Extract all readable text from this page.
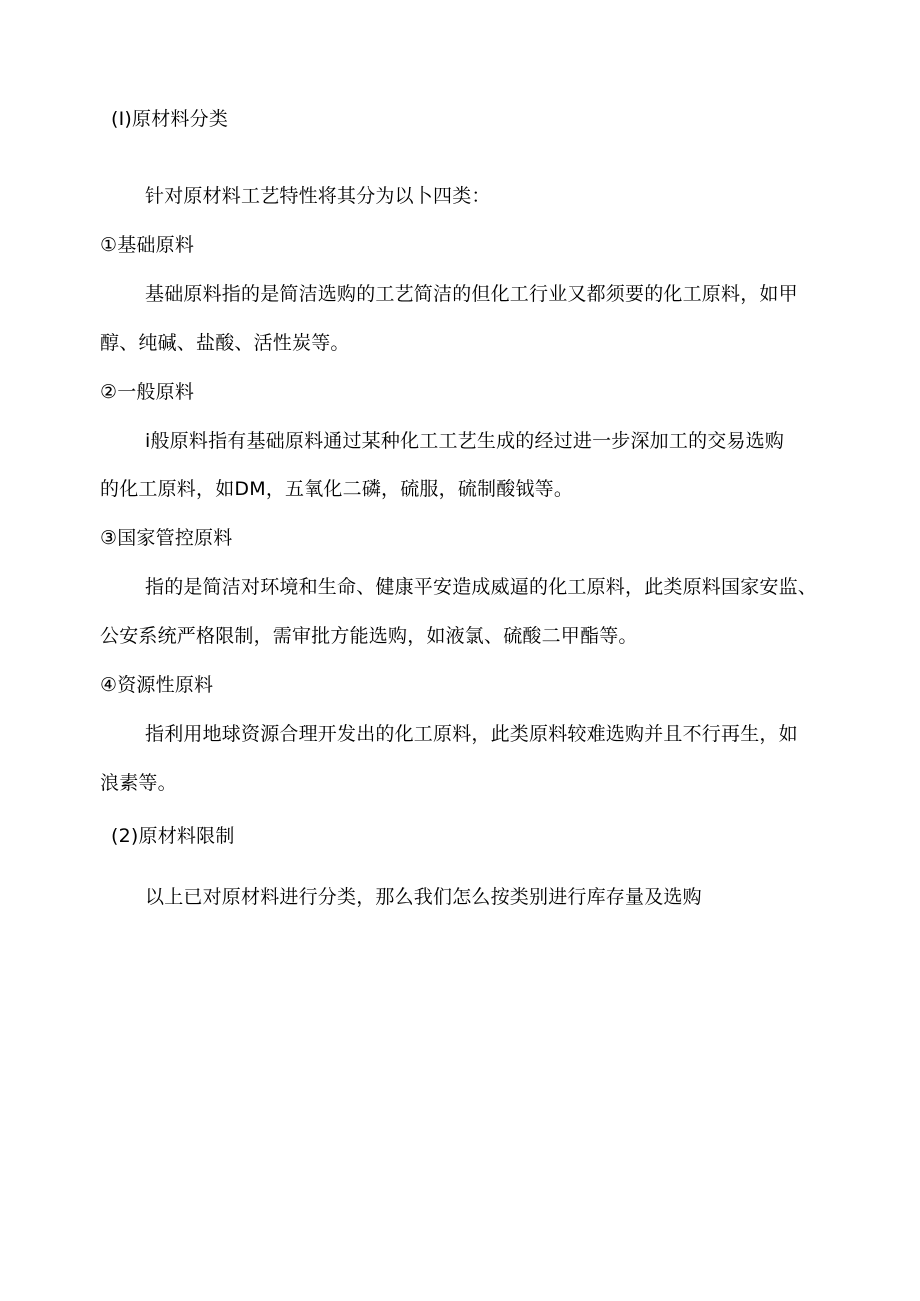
(I)原材料分类
针对原材料工艺特性将其分为以卜四类：
①基础原料
基础原料指的是简洁选购的工艺简洁的但化工行业又都须要的化工原料，如甲
醇、纯碱、盐酸、活性炭等。
②一般原料
i般原料指有基础原料通过某种化工工艺生成的经过进一步深加工的交易选购
的化工原料，如DM，五氧化二磷，硫服，硫制酸钺等。
③国家管控原料
指的是简洁对环境和生命、健康平安造成威逼的化工原料，此类原料国家安监、
公安系统严格限制，需审批方能选购，如液氯、硫酸二甲酯等。
④资源性原料
指利用地球资源合理开发出的化工原料，此类原料较难选购并且不行再生，如
浪素等。
(2)原材料限制
以上已对原材料进行分类，那么我们怎么按类别进行库存量及选购
